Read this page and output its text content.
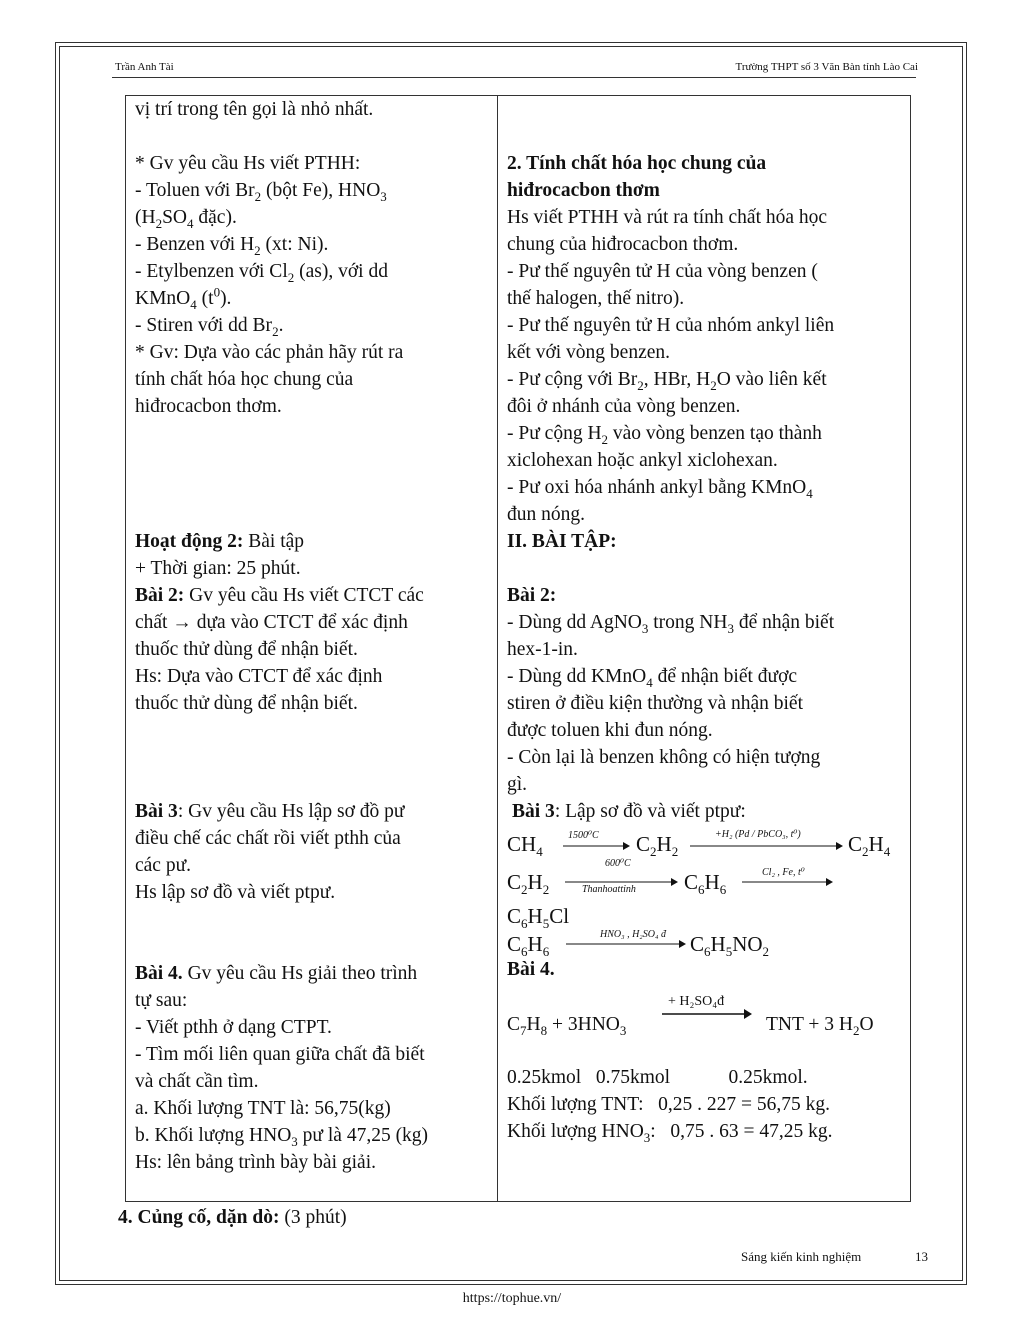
Trần Anh Tài	Trường THPT số 3 Văn Bàn tỉnh Lào Cai
vị trí trong tên gọi là nhỏ nhất.
* Gv yêu cầu Hs viết PTHH:
- Toluen với $Br_2$ (bột Fe), $HNO_3$
($H_2SO_4$ đặc).
- Benzen với $H_2$ (xt: Ni).
- Etylbenzen với $Cl_2$ (as), với dd
KMnO$_4$ $(t^0)$.
- Stiren với dd $Br_2$.
* Gv: Dựa vào các phản hãy rút ra
tính chất hóa học chung của
hiđrocacbon thơm.
Hoạt động 2: Bài tập
+ Thời gian: 25 phút.
Bài 2: Gv yêu cầu Hs viết CTCT các
chất → dựa vào CTCT để xác định
thuốc thử dùng để nhận biết.
Hs: Dựa vào CTCT để xác định
thuốc thử dùng để nhận biết.
Bài 3: Gv yêu cầu Hs lập sơ đồ pư
điều chế các chất rồi viết pthh của
các pư.
Hs lập sơ đồ và viết ptpư.
Bài 4. Gv yêu cầu Hs giải theo trình
tự sau:
- Viết pthh ở dạng CTPT.
- Tìm mối liên quan giữa chất đã biết
và chất cần tìm.
a. Khối lượng TNT là: 56,75(kg)
b. Khối lượng $HNO_3$ pư là 47,25 (kg)
Hs: lên bảng trình bày bài giải.
2. Tính chất hóa học chung của
hiđrocacbon thơm
Hs viết PTHH và rút ra tính chất hóa học
chung của hiđrocacbon thơm.
- Pư thế nguyên tử H của vòng benzen (
thế halogen, thế nitro).
- Pư thế nguyên tử H của nhóm ankyl liên
kết với vòng benzen.
- Pư cộng với $Br_2$, HBr, $H_2O$ vào liên kết
đôi ở nhánh của vòng benzen.
- Pư cộng $H_2$ vào vòng benzen tạo thành
xiclohexan hoặc ankyl xiclohexan.
- Pư oxi hóa nhánh ankyl bằng KMnO$_4$
đun nóng.
II. BÀI TẬP:
Bài 2:
- Dùng dd AgNO$_3$ trong $NH_3$ để nhận biết
hex-1-in.
- Dùng dd KMnO$_4$ để nhận biết được
stiren ở điều kiện thường và nhận biết
được toluen khi đun nóng.
- Còn lại là benzen không có hiện tượng
gì.
Bài 3: Lập sơ đồ và viết ptpư:
$CH_4$
1500⁰C $C_2H_2$
+H₂ (Pd / PbCO₃, t⁰) $C_2H_4$
600⁰C
$C_2H_2$	Thanhoattinh $C_6H_6$
Cl₂ , Fe, t⁰
$C_6H_5Cl$
$C_6H_6$
HNO₃ , H₂SO₄ đ $C_6H_5NO_2$
Bài 4.
+ H₂SO₄đ
$C_7H_8 + 3HNO_3$	TNT + 3 $H_2O$
0.25kmol   0.75kmol            0.25kmol.
Khối lượng TNT:   0,25 . 227 = 56,75 kg.
Khối lượng $HNO_3$:   0,75 . 63 = 47,25 kg.
4. Củng cố, dặn dò: (3 phút)
Sáng kiến kinh nghiệm	13
https://tophue.vn/
